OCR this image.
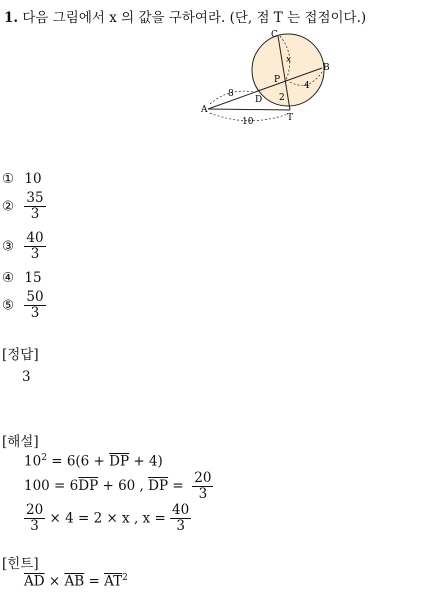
1. 다음 그림에서 x 의 값을 구하여라. (단, 점 T 는 접점이다.)
C
B
A
T
D
P
8
10
4
x
2
① 10
② $\frac{35}{3}$
③ $\frac{40}{3}$
④ 15
⑤ $\frac{50}{3}$
[정답]
3
[해설]
$10^2 = 6(6 + \overline{DP} + 4)$
$100 = 6\overline{DP} + 60$ , $\overline{DP} = \frac{20}{3}$
$\frac{20}{3} \times 4 = 2 \times x$ , $x = \frac{40}{3}$
[힌트]
$\overline{AD} \times \overline{AB} = \overline{AT}^2$
